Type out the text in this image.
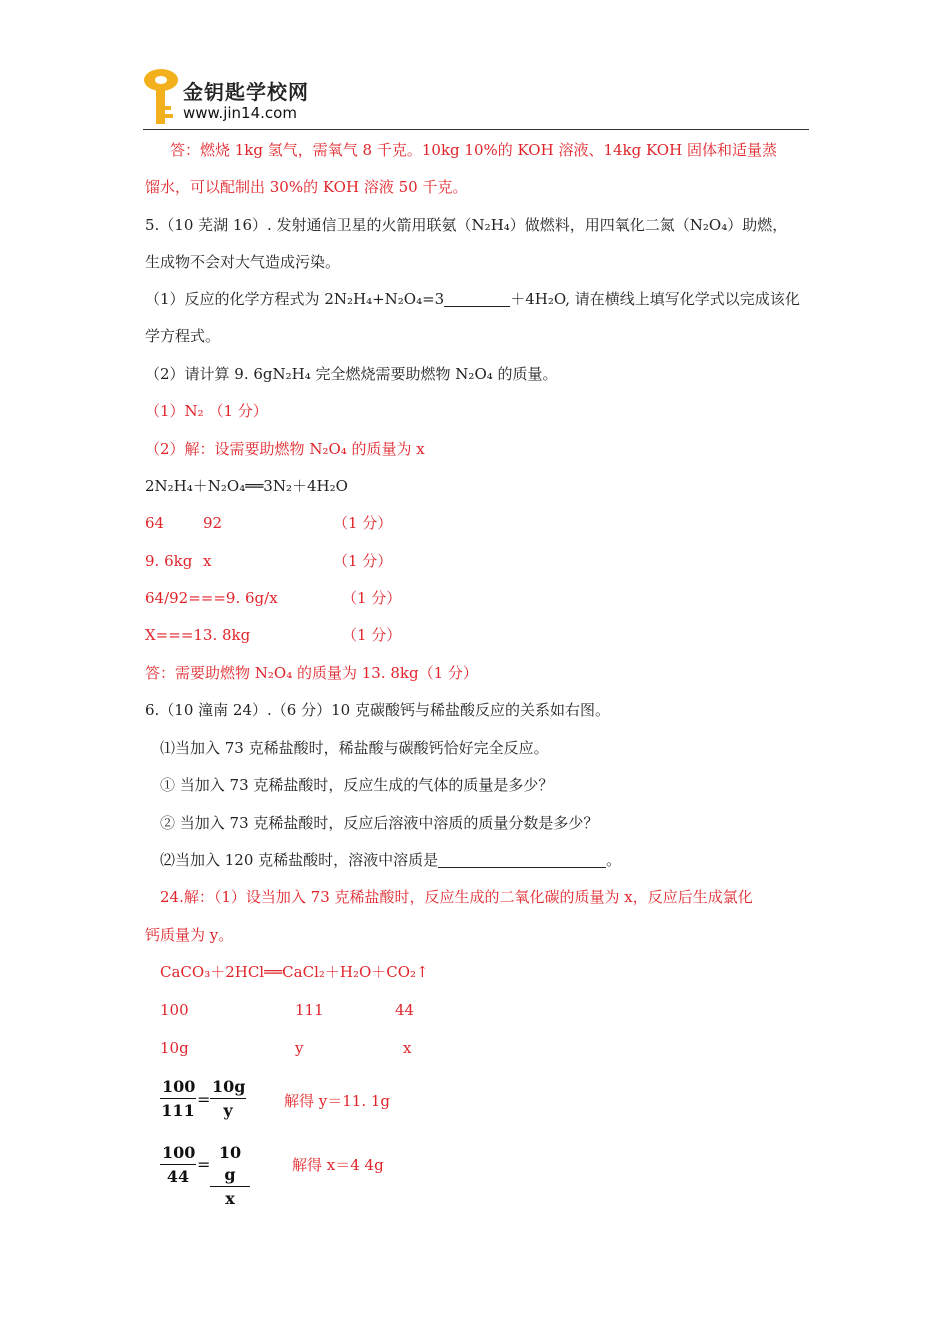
金钥匙学校网
www.jin14.com
答：燃烧 1kg 氢气，需氧气 8 千克。10kg 10%的 KOH 溶液、14kg KOH 固体和适量蒸
馏水，可以配制出 30%的 KOH 溶液 50 千克。
5.（10 芜湖 16）. 发射通信卫星的火箭用联氨（N₂H₄）做燃料，用四氧化二氮（N₂O₄）助燃，
生成物不会对大气造成污染。
（1）反应的化学方程式为 2N₂H₄+N₂O₄=3	＋4H₂O, 请在横线上填写化学式以完成该化
学方程式。
（2）请计算 9. 6gN₂H₄ 完全燃烧需要助燃物 N₂O₄ 的质量。
（1）N₂ （1 分）
（2）解：设需要助燃物 N₂O₄ 的质量为 x
2N₂H₄＋N₂O₄══3N₂＋4H₂O
64	92	（1 分）
9. 6kg x	（1 分）
64/92===9. 6g/x	（1 分）
X===13. 8kg	（1 分）
答：需要助燃物 N₂O₄ 的质量为 13. 8kg（1 分）
6.（10 潼南 24）.（6 分）10 克碳酸钙与稀盐酸反应的关系如右图。
⑴当加入 73 克稀盐酸时，稀盐酸与碳酸钙恰好完全反应。
① 当加入 73 克稀盐酸时，反应生成的气体的质量是多少？
② 当加入 73 克稀盐酸时，反应后溶液中溶质的质量分数是多少？
⑵当加入 120 克稀盐酸时，溶液中溶质是	。
24.解：（1）设当加入 73 克稀盐酸时，反应生成的二氧化碳的质量为 x，反应后生成氯化
钙质量为 y。
CaCO₃＋2HCl══CaCl₂＋H₂O＋CO₂↑
100	111	44
10g	y	x
$\frac{100}{111} = \frac{10g}{y}$	解得 y＝11. 1g
$\frac{100}{44} = \frac{10 g}{x}$	解得 x＝4 4g
